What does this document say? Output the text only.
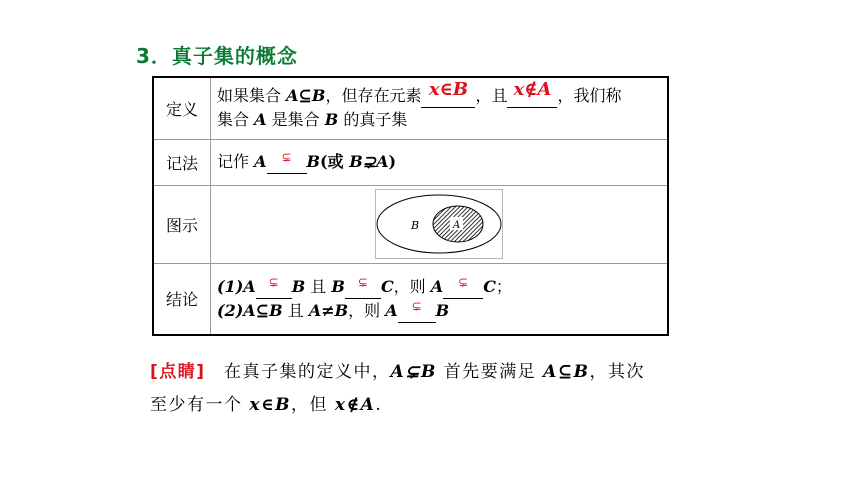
3．真子集的概念
定义	如果集合 A⊆B，但存在元素 x∈B ，且 x∉A ，我们称
集合 A 是集合 B 的真子集
记法	记作 A ⊊ B(或 B⊋A)
图示	B A

结论	(1)A ⊊ B 且 B ⊊ C，则 A ⊊ C；
(2)A⊆B 且 A≠B，则 A ⊊ B
[点睛]　在真子集的定义中，A⊊B 首先要满足 A⊆B，其次
至少有一个 x∈B，但 x∉A.
